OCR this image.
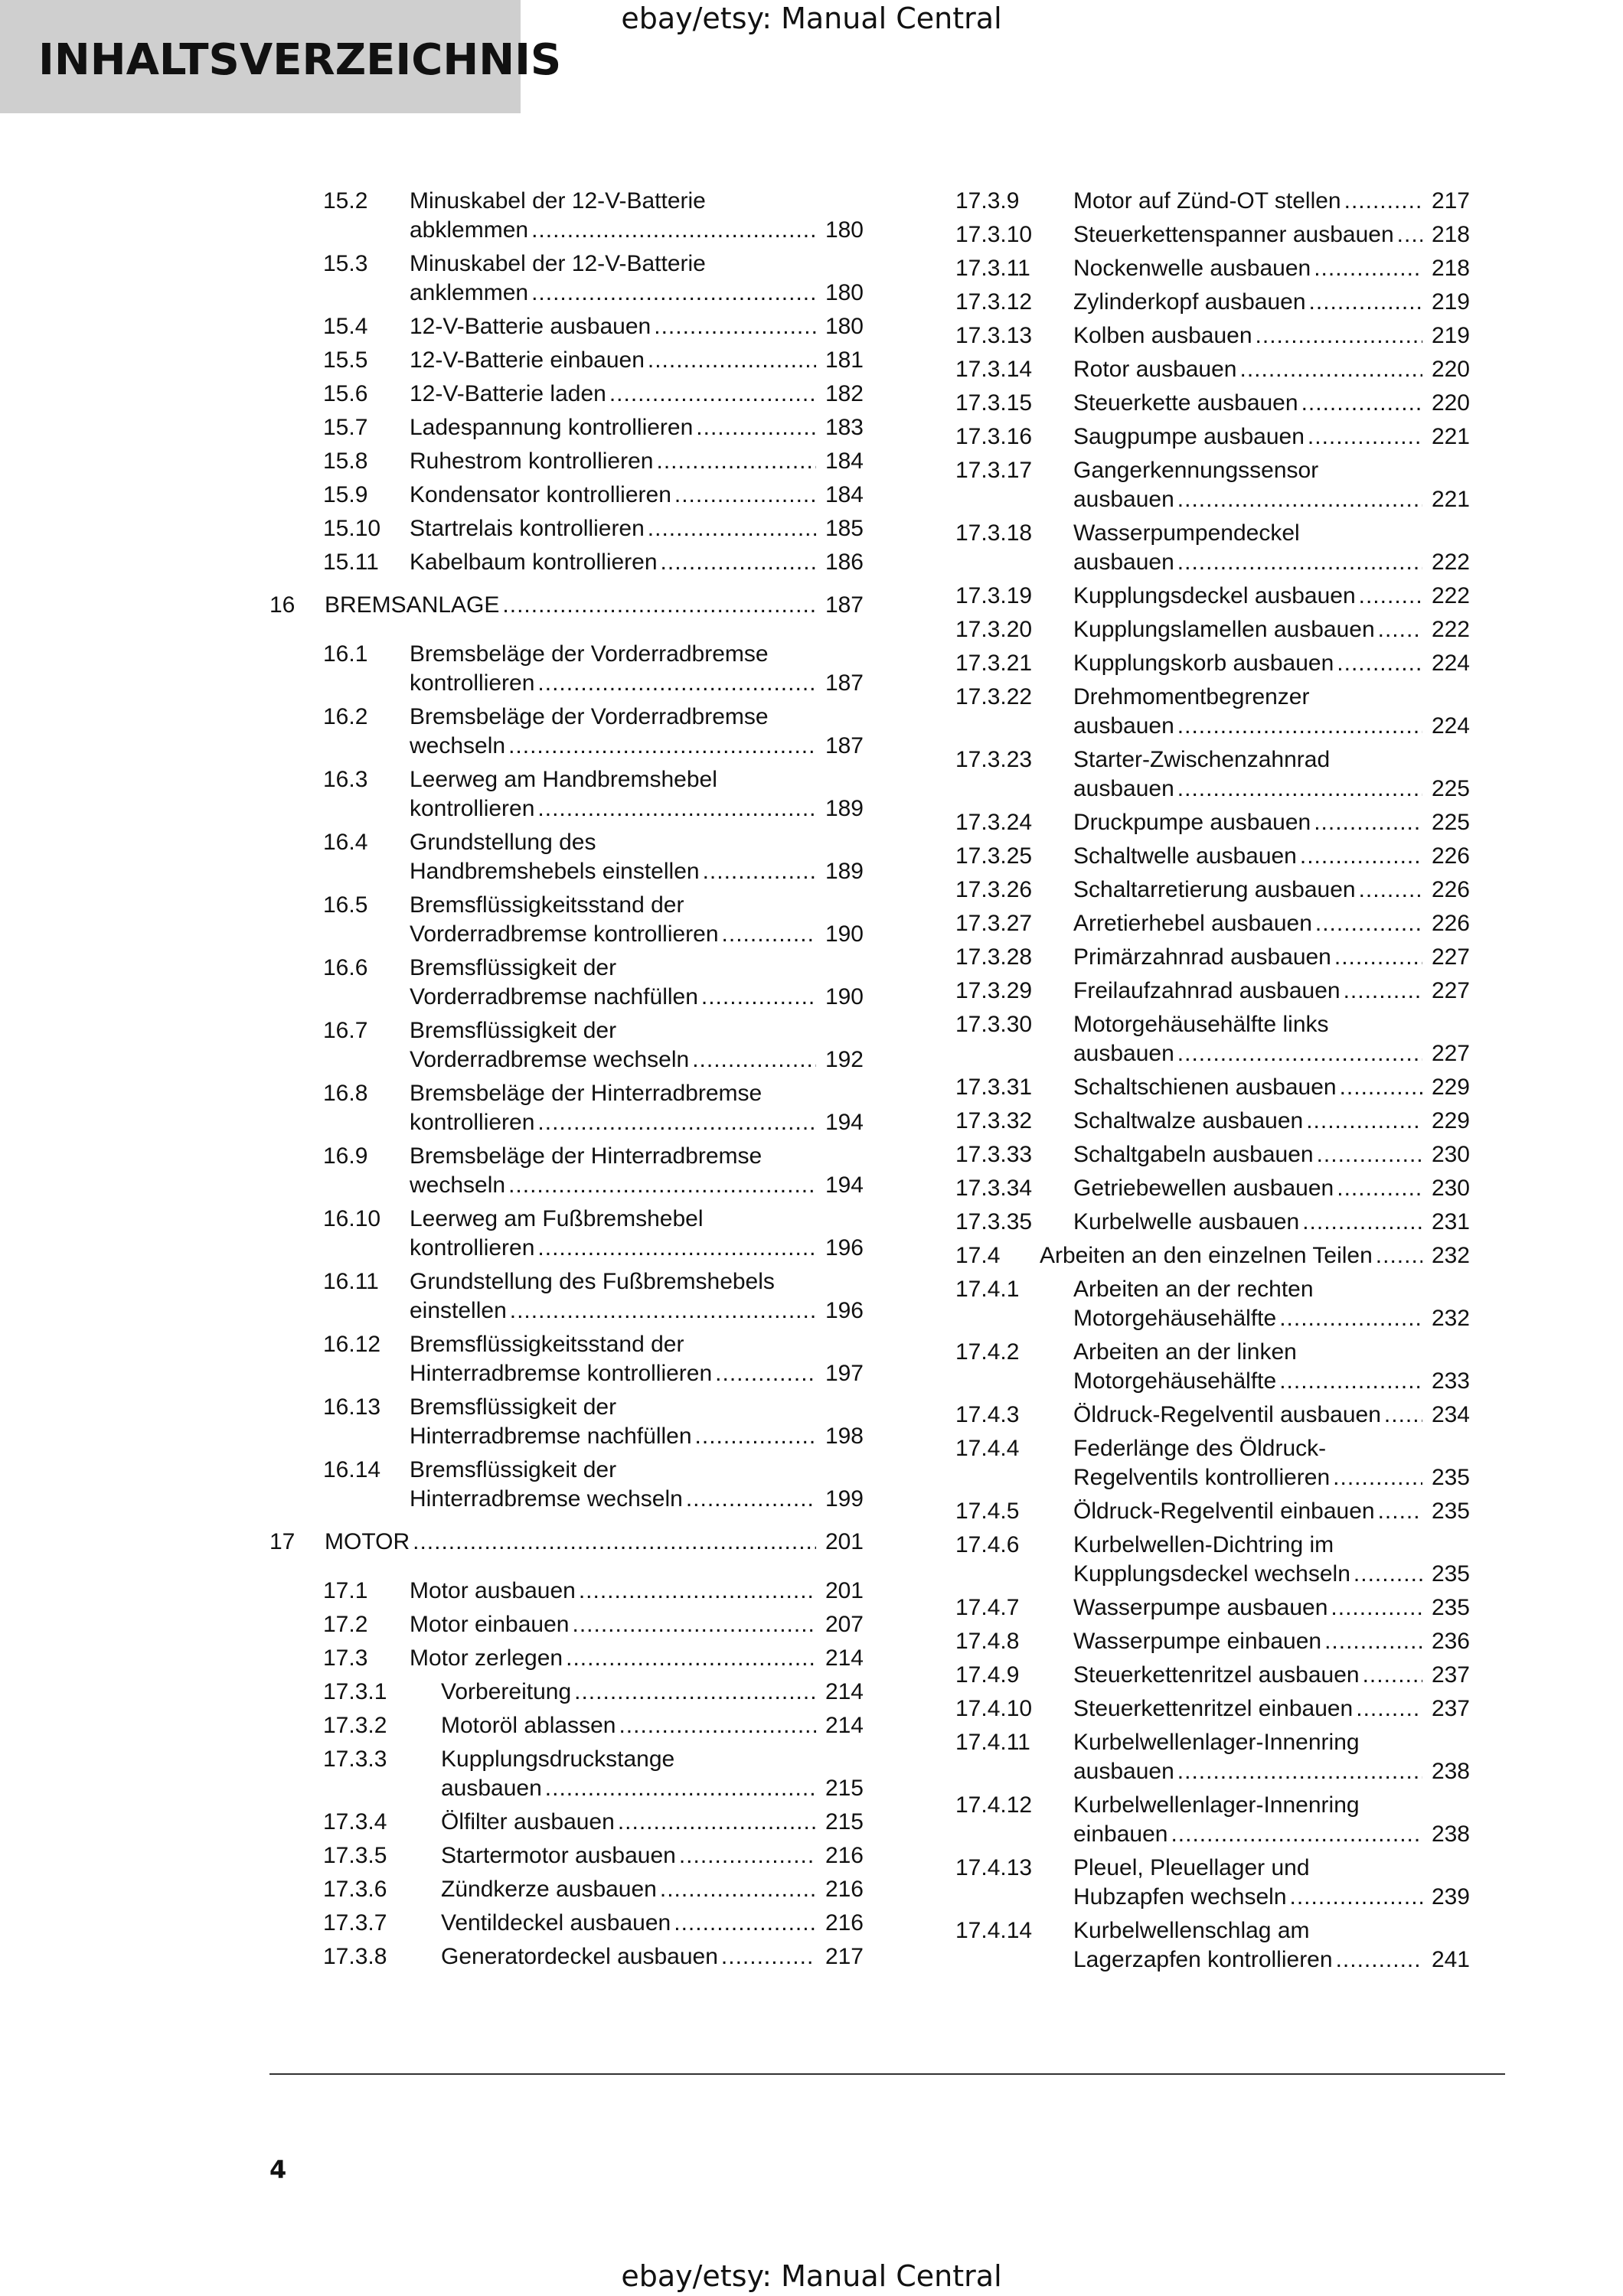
INHALTSVERZEICHNIS
ebay/etsy: Manual Central
15.2 Minuskabel der 12-V-Batterie
abklemmen .....	180
15.3 Minuskabel der 12-V-Batterie
anklemmen .....	180
15.4 12-V-Batterie ausbauen .....	180
15.5 12-V-Batterie einbauen .....	181
15.6 12-V-Batterie laden .....	182
15.7 Ladespannung kontrollieren .....	183
15.8 Ruhestrom kontrollieren .....	184
15.9 Kondensator kontrollieren .....	184
15.10 Startrelais kontrollieren .....	185
15.11 Kabelbaum kontrollieren .....	186
16 BREMSANLAGE .....	187
16.1 Bremsbeläge der Vorderradbremse
kontrollieren .....	187
16.2 Bremsbeläge der Vorderradbremse
wechseln .....	187
16.3 Leerweg am Handbremshebel
kontrollieren .....	189
16.4 Grundstellung des
Handbremshebels einstellen .....	189
16.5 Bremsflüssigkeitsstand der
Vorderradbremse kontrollieren .....	190
16.6 Bremsflüssigkeit der
Vorderradbremse nachfüllen .....	190
16.7 Bremsflüssigkeit der
Vorderradbremse wechseln .....	192
16.8 Bremsbeläge der Hinterradbremse
kontrollieren .....	194
16.9 Bremsbeläge der Hinterradbremse
wechseln .....	194
16.10 Leerweg am Fußbremshebel
kontrollieren .....	196
16.11 Grundstellung des Fußbremshebels
einstellen .....	196
16.12 Bremsflüssigkeitsstand der
Hinterradbremse kontrollieren .....	197
16.13 Bremsflüssigkeit der
Hinterradbremse nachfüllen .....	198
16.14 Bremsflüssigkeit der
Hinterradbremse wechseln .....	199
17 MOTOR .....	201
17.1 Motor ausbauen .....	201
17.2 Motor einbauen .....	207
17.3 Motor zerlegen .....	214
17.3.1 Vorbereitung .....	214
17.3.2 Motoröl ablassen .....	214
17.3.3 Kupplungsdruckstange
ausbauen .....	215
17.3.4 Ölfilter ausbauen .....	215
17.3.5 Startermotor ausbauen .....	216
17.3.6 Zündkerze ausbauen .....	216
17.3.7 Ventildeckel ausbauen .....	216
17.3.8 Generatordeckel ausbauen .....	217
17.3.9 Motor auf Zünd-OT stellen .....	217
17.3.10 Steuerkettenspanner ausbauen ..... 218
17.3.11 Nockenwelle ausbauen .....	218
17.3.12 Zylinderkopf ausbauen .....	219
17.3.13 Kolben ausbauen .....	219
17.3.14 Rotor ausbauen .....	220
17.3.15 Steuerkette ausbauen .....	220
17.3.16 Saugpumpe ausbauen .....	221
17.3.17 Gangerkennungssensor
ausbauen .....	221
17.3.18 Wasserpumpendeckel
ausbauen .....	222
17.3.19 Kupplungsdeckel ausbauen .....	222
17.3.20 Kupplungslamellen ausbauen ..... 222
17.3.21 Kupplungskorb ausbauen .....	224
17.3.22 Drehmomentbegrenzer
ausbauen .....	224
17.3.23 Starter-Zwischenzahnrad
ausbauen .....	225
17.3.24 Druckpumpe ausbauen .....	225
17.3.25 Schaltwelle ausbauen .....	226
17.3.26 Schaltarretierung ausbauen .....	226
17.3.27 Arretierhebel ausbauen .....	226
17.3.28 Primärzahnrad ausbauen .....	227
17.3.29 Freilaufzahnrad ausbauen .....	227
17.3.30 Motorgehäusehälfte links
ausbauen .....	227
17.3.31 Schaltschienen ausbauen .....	229
17.3.32 Schaltwalze ausbauen .....	229
17.3.33 Schaltgabeln ausbauen .....	230
17.3.34 Getriebewellen ausbauen .....	230
17.3.35 Kurbelwelle ausbauen .....	231
17.4 Arbeiten an den einzelnen Teilen .....	232
17.4.1 Arbeiten an der rechten
Motorgehäusehälfte .....	232
17.4.2 Arbeiten an der linken
Motorgehäusehälfte .....	233
17.4.3 Öldruck-Regelventil ausbauen ..... 234
17.4.4 Federlänge des Öldruck-
Regelventils kontrollieren .....	235
17.4.5 Öldruck-Regelventil einbauen ..... 235
17.4.6 Kurbelwellen-Dichtring im
Kupplungsdeckel wechseln .....	235
17.4.7 Wasserpumpe ausbauen .....	235
17.4.8 Wasserpumpe einbauen .....	236
17.4.9 Steuerkettenritzel ausbauen .....	237
17.4.10 Steuerkettenritzel einbauen .....	237
17.4.11 Kurbelwellenlager-Innenring
ausbauen .....	238
17.4.12 Kurbelwellenlager-Innenring
einbauen .....	238
17.4.13 Pleuel, Pleuellager und
Hubzapfen wechseln .....	239
17.4.14 Kurbelwellenschlag am
Lagerzapfen kontrollieren .....	241
4
ebay/etsy: Manual Central
